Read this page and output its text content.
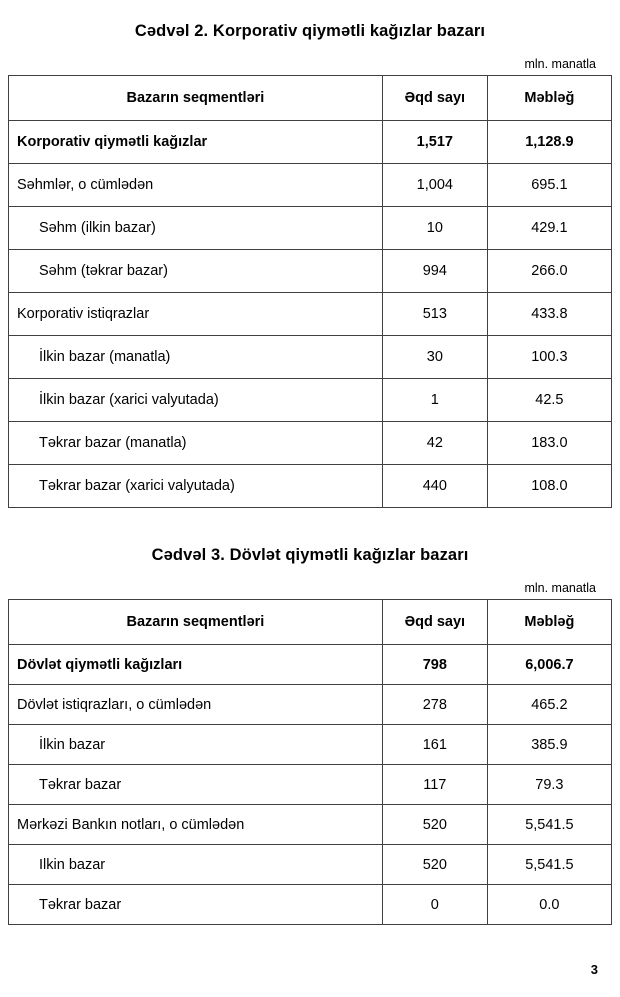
Cədvəl 2. Korporativ qiymətli kağızlar bazarı
mln. manatla
Bazarın seqmentləri	Əqd sayı	Məbləğ
Korporativ qiymətli kağızlar	1,517	1,128.9
Səhmlər, o cümlədən	1,004	695.1
Səhm (ilkin bazar)	10	429.1
Səhm (təkrar bazar)	994	266.0
Korporativ istiqrazlar	513	433.8
İlkin bazar (manatla)	30	100.3
İlkin bazar (xarici valyutada)	1	42.5
Təkrar bazar (manatla)	42	183.0
Təkrar bazar (xarici valyutada)	440	108.0
Cədvəl 3. Dövlət qiymətli kağızlar bazarı
mln. manatla
Bazarın seqmentləri	Əqd sayı	Məbləğ
Dövlət qiymətli kağızları	798	6,006.7
Dövlət istiqrazları, o cümlədən	278	465.2
İlkin bazar	161	385.9
Təkrar bazar	117	79.3
Mərkəzi Bankın notları, o cümlədən	520	5,541.5
Ilkin bazar	520	5,541.5
Təkrar bazar	0	0.0
3
